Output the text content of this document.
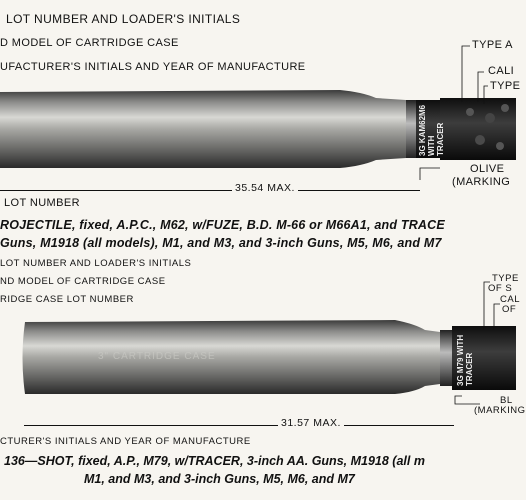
LOT NUMBER AND LOADER'S INITIALS
D MODEL OF CARTRIDGE CASE
UFACTURER'S INITIALS AND YEAR OF MANUFACTURE
TYPE A
CALI
TYPE
3G KAM62M6 WITH TRACER
OLIVE
(MARKING
35.54 MAX.
LOT NUMBER
ROJECTILE, fixed, A.P.C., M62, w/FUZE, B.D. M-66 or M66A1, and TRACE
Guns, M1918 (all models), M1, and M3, and 3-inch Guns, M5, M6, and M7
LOT NUMBER AND LOADER'S INITIALS
ND MODEL OF CARTRIDGE CASE
RIDGE CASE LOT NUMBER
TYPE
OF S
CAL
OF
3" CARTRIDGE CASE
3G M79 WITH TRACER
BL
(MARKING
31.57 MAX.
CTURER'S INITIALS AND YEAR OF MANUFACTURE
136—SHOT, fixed, A.P., M79, w/TRACER, 3-inch AA. Guns, M1918 (all m
M1, and M3, and 3-inch Guns, M5, M6, and M7
